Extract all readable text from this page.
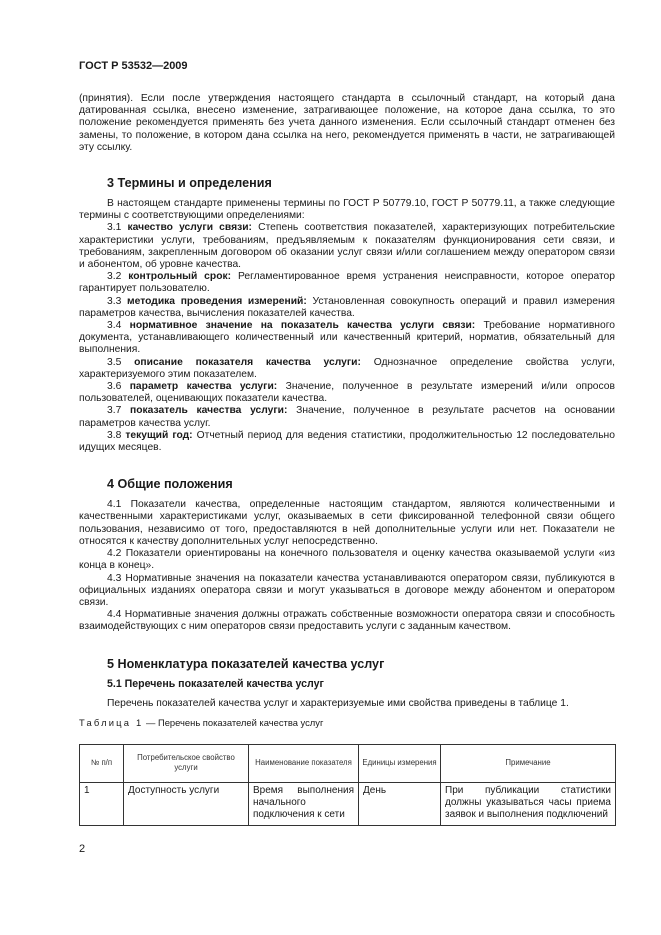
ГОСТ Р 53532—2009

(принятия). Если после утверждения настоящего стандарта в ссылочный стандарт, на который дана датированная ссылка, внесено изменение, затрагивающее положение, на которое дана ссылка, то это положение рекомендуется применять без учета данного изменения. Если ссылочный стандарт отменен без замены, то положение, в котором дана ссылка на него, рекомендуется применять в части, не затрагивающей эту ссылку.

3 Термины и определения

В настоящем стандарте применены термины по ГОСТ Р 50779.10, ГОСТ Р 50779.11, а также следующие термины с соответствующими определениями:

3.1 качество услуги связи: Степень соответствия показателей, характеризующих потребительские характеристики услуги, требованиям, предъявляемым к показателям функционирования сети связи, и требованиям, закрепленным договором об оказании услуг связи и/или соглашением между оператором связи и абонентом, об уровне качества.

3.2 контрольный срок: Регламентированное время устранения неисправности, которое оператор гарантирует пользователю.

3.3 методика проведения измерений: Установленная совокупность операций и правил измерения параметров качества, вычисления показателей качества.

3.4 нормативное значение на показатель качества услуги связи: Требование нормативного документа, устанавливающего количественный или качественный критерий, норматив, обязательный для выполнения.

3.5 описание показателя качества услуги: Однозначное определение свойства услуги, характеризуемого этим показателем.

3.6 параметр качества услуги: Значение, полученное в результате измерений и/или опросов пользователей, оценивающих показатели качества.

3.7 показатель качества услуги: Значение, полученное в результате расчетов на основании параметров качества услуг.

3.8 текущий год: Отчетный период для ведения статистики, продолжительностью 12 последовательно идущих месяцев.

4 Общие положения

4.1 Показатели качества, определенные настоящим стандартом, являются количественными и качественными характеристиками услуг, оказываемых в сети фиксированной телефонной связи общего пользования, независимо от того, предоставляются в ней дополнительные услуги или нет. Показатели не относятся к качеству дополнительных услуг непосредственно.

4.2 Показатели ориентированы на конечного пользователя и оценку качества оказываемой услуги «из конца в конец».

4.3 Нормативные значения на показатели качества устанавливаются оператором связи, публикуются в официальных изданиях оператора связи и могут указываться в договоре между абонентом и оператором связи.

4.4 Нормативные значения должны отражать собственные возможности оператора связи и способность взаимодействующих с ним операторов связи предоставить услуги с заданным качеством.

5 Номенклатура показателей качества услуг
5.1 Перечень показателей качества услуг

Перечень показателей качества услуг и характеризуемые ими свойства приведены в таблице 1.

Таблица 1 — Перечень показателей качества услуг

№ п/п	Потребительское свойство услуги	Наименование показателя	Единицы измерения	Примечание
1	Доступность услуги	Время выполнения начального подключения к сети	День	При публикации статистики должны указываться часы приема заявок и выполнения подключений
2
